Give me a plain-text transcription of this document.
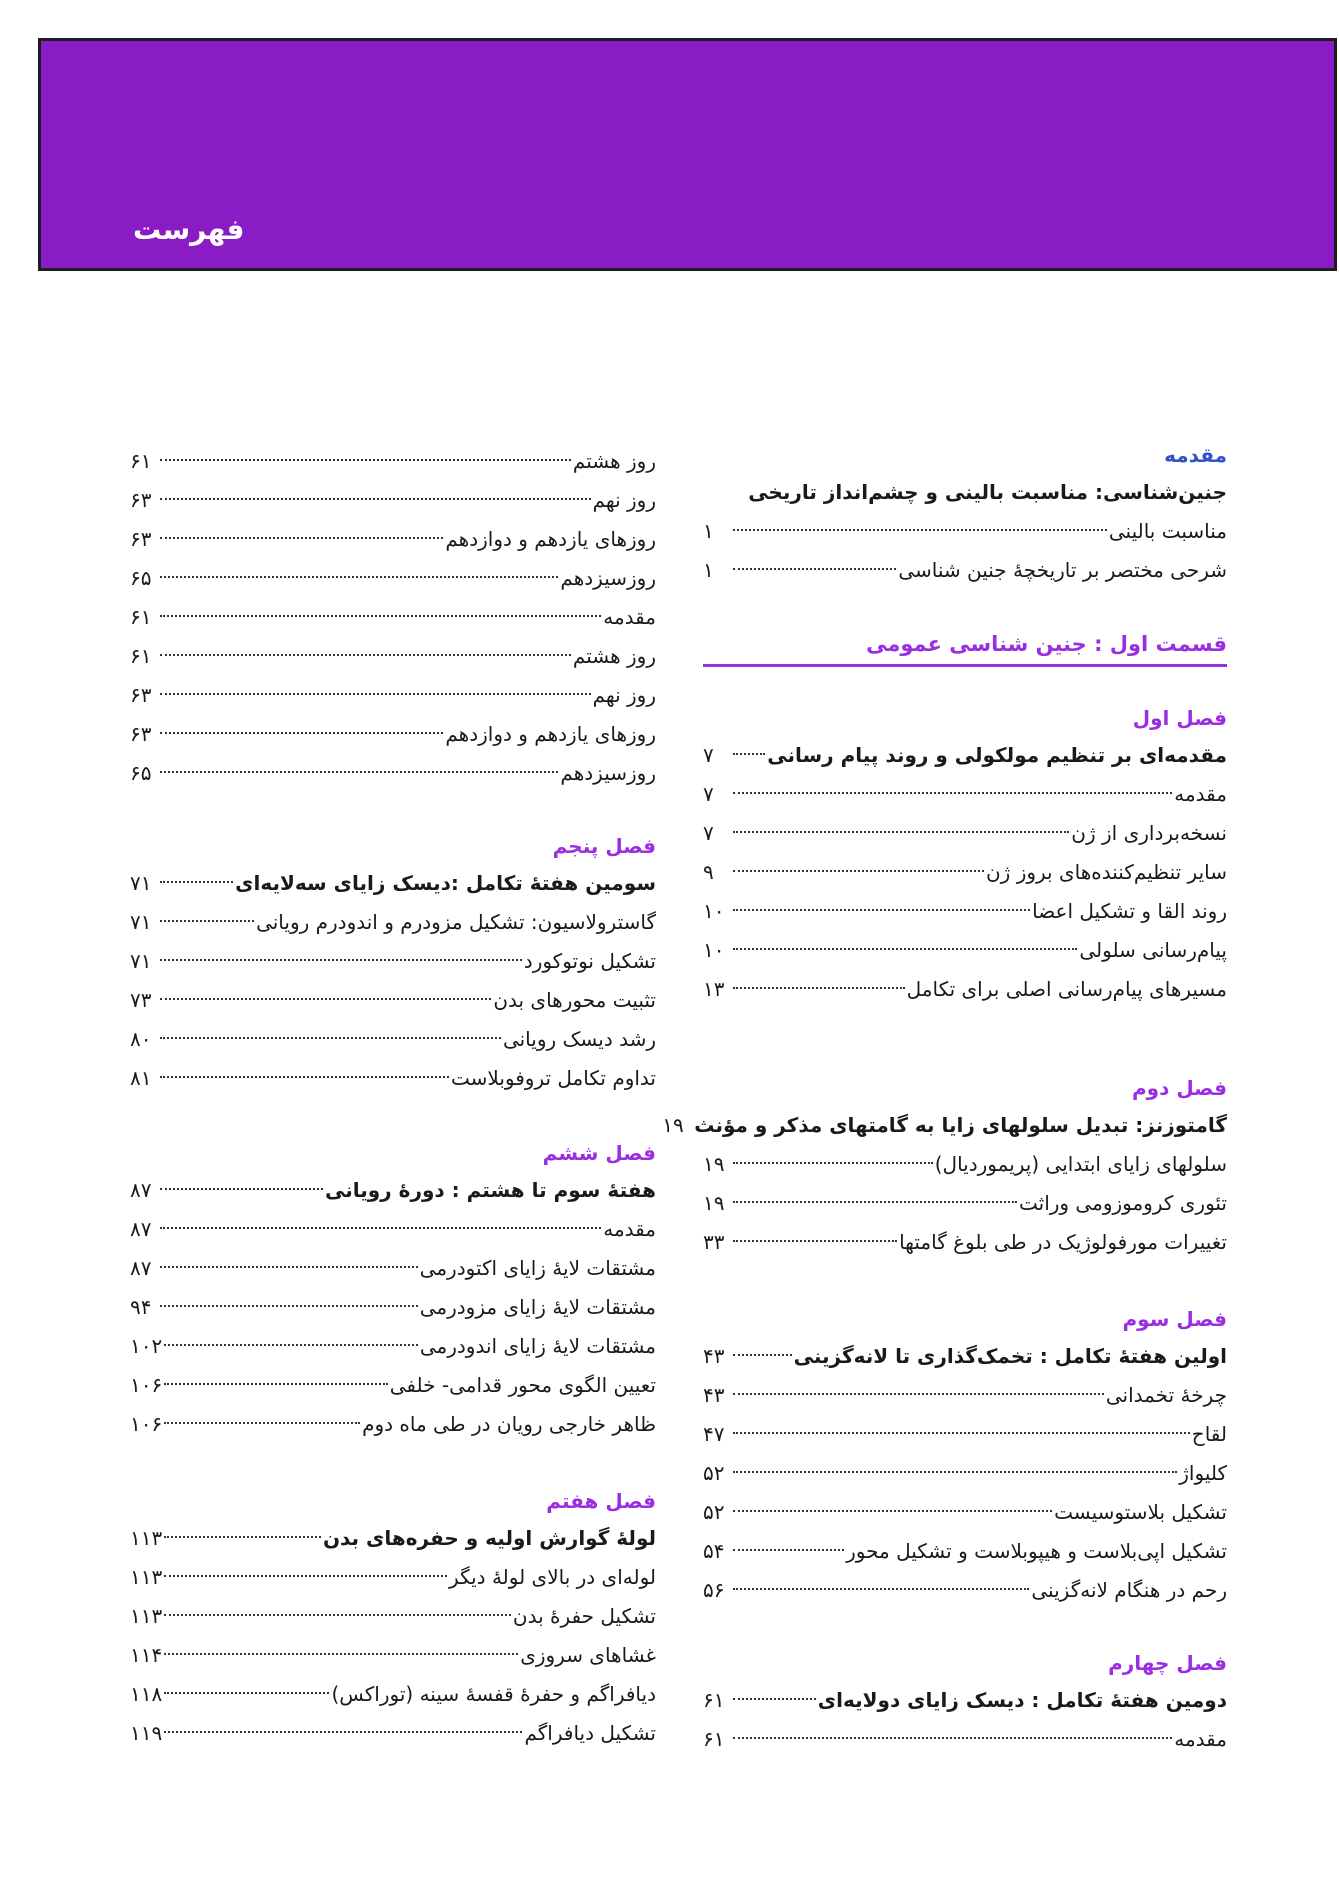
فهرست
مقدمه
جنین‌شناسی: مناسبت بالینی و چشم‌انداز تاریخی
مناسبت بالینی
۱
شرحی مختصر بر تاریخچهٔ جنین شناسی
۱
قسمت اول : جنین شناسی عمومی
فصل اول
مقدمه‌ای بر تنظیم مولکولی و روند پیام رسانی
۷
مقدمه
۷
نسخه‌برداری از ژن
۷
سایر تنظیم‌کننده‌های بروز ژن
۹
روند القا و تشکیل اعضا
۱۰
پیام‌رسانی سلولی
۱۰
مسیرهای پیام‌رسانی اصلی برای تکامل
۱۳
فصل دوم
گامتوزنز: تبدیل سلولهای زایا به گامتهای مذکر و مؤنث
۱۹
سلولهای زایای ابتدایی (پریموردیال)
۱۹
تئوری کروموزومی وراثت
۱۹
تغییرات مورفولوژیک در طی بلوغ گامتها
۳۳
فصل سوم
اولین هفتهٔ تکامل : تخمک‌گذاری تا لانه‌گزینی
۴۳
چرخهٔ تخمدانی
۴۳
لقاح
۴۷
کلیواژ
۵۲
تشکیل بلاستوسیست
۵۲
تشکیل اپی‌بلاست و هیپوبلاست و تشکیل محور
۵۴
رحم در هنگام لانه‌گزینی
۵۶
فصل چهارم
دومین هفتهٔ تکامل : دیسک زایای دولایه‌ای
۶۱
مقدمه
۶۱
روز هشتم
۶۱
روز نهم
۶۳
روزهای یازدهم و دوازدهم
۶۳
روزسیزدهم
۶۵
مقدمه
۶۱
روز هشتم
۶۱
روز نهم
۶۳
روزهای یازدهم و دوازدهم
۶۳
روزسیزدهم
۶۵
فصل پنجم
سومین هفتهٔ تکامل :دیسک زایای سه‌لایه‌ای
۷۱
گاسترولاسیون: تشکیل مزودرم و اندودرم رویانی
۷۱
تشکیل نوتوکورد
۷۱
تثبیت محورهای بدن
۷۳
رشد دیسک رویانی
۸۰
تداوم تکامل تروفوبلاست
۸۱
فصل ششم
هفتهٔ سوم تا هشتم : دورهٔ رویانی
۸۷
مقدمه
۸۷
مشتقات لایهٔ زایای اکتودرمی
۸۷
مشتقات لایهٔ زایای مزودرمی
۹۴
مشتقات لایهٔ زایای اندودرمی
۱۰۲
تعیین الگوی محور قدامی- خلفی
۱۰۶
ظاهر خارجی رویان در طی ماه دوم
۱۰۶
فصل هفتم
لولهٔ گوارش اولیه و حفره‌های بدن
۱۱۳
لوله‌ای در بالای لولهٔ دیگر
۱۱۳
تشکیل حفرهٔ بدن
۱۱۳
غشاهای سروزی
۱۱۴
دیافراگم و حفرهٔ قفسهٔ سینه (توراکس)
۱۱۸
تشکیل دیافراگم
۱۱۹
